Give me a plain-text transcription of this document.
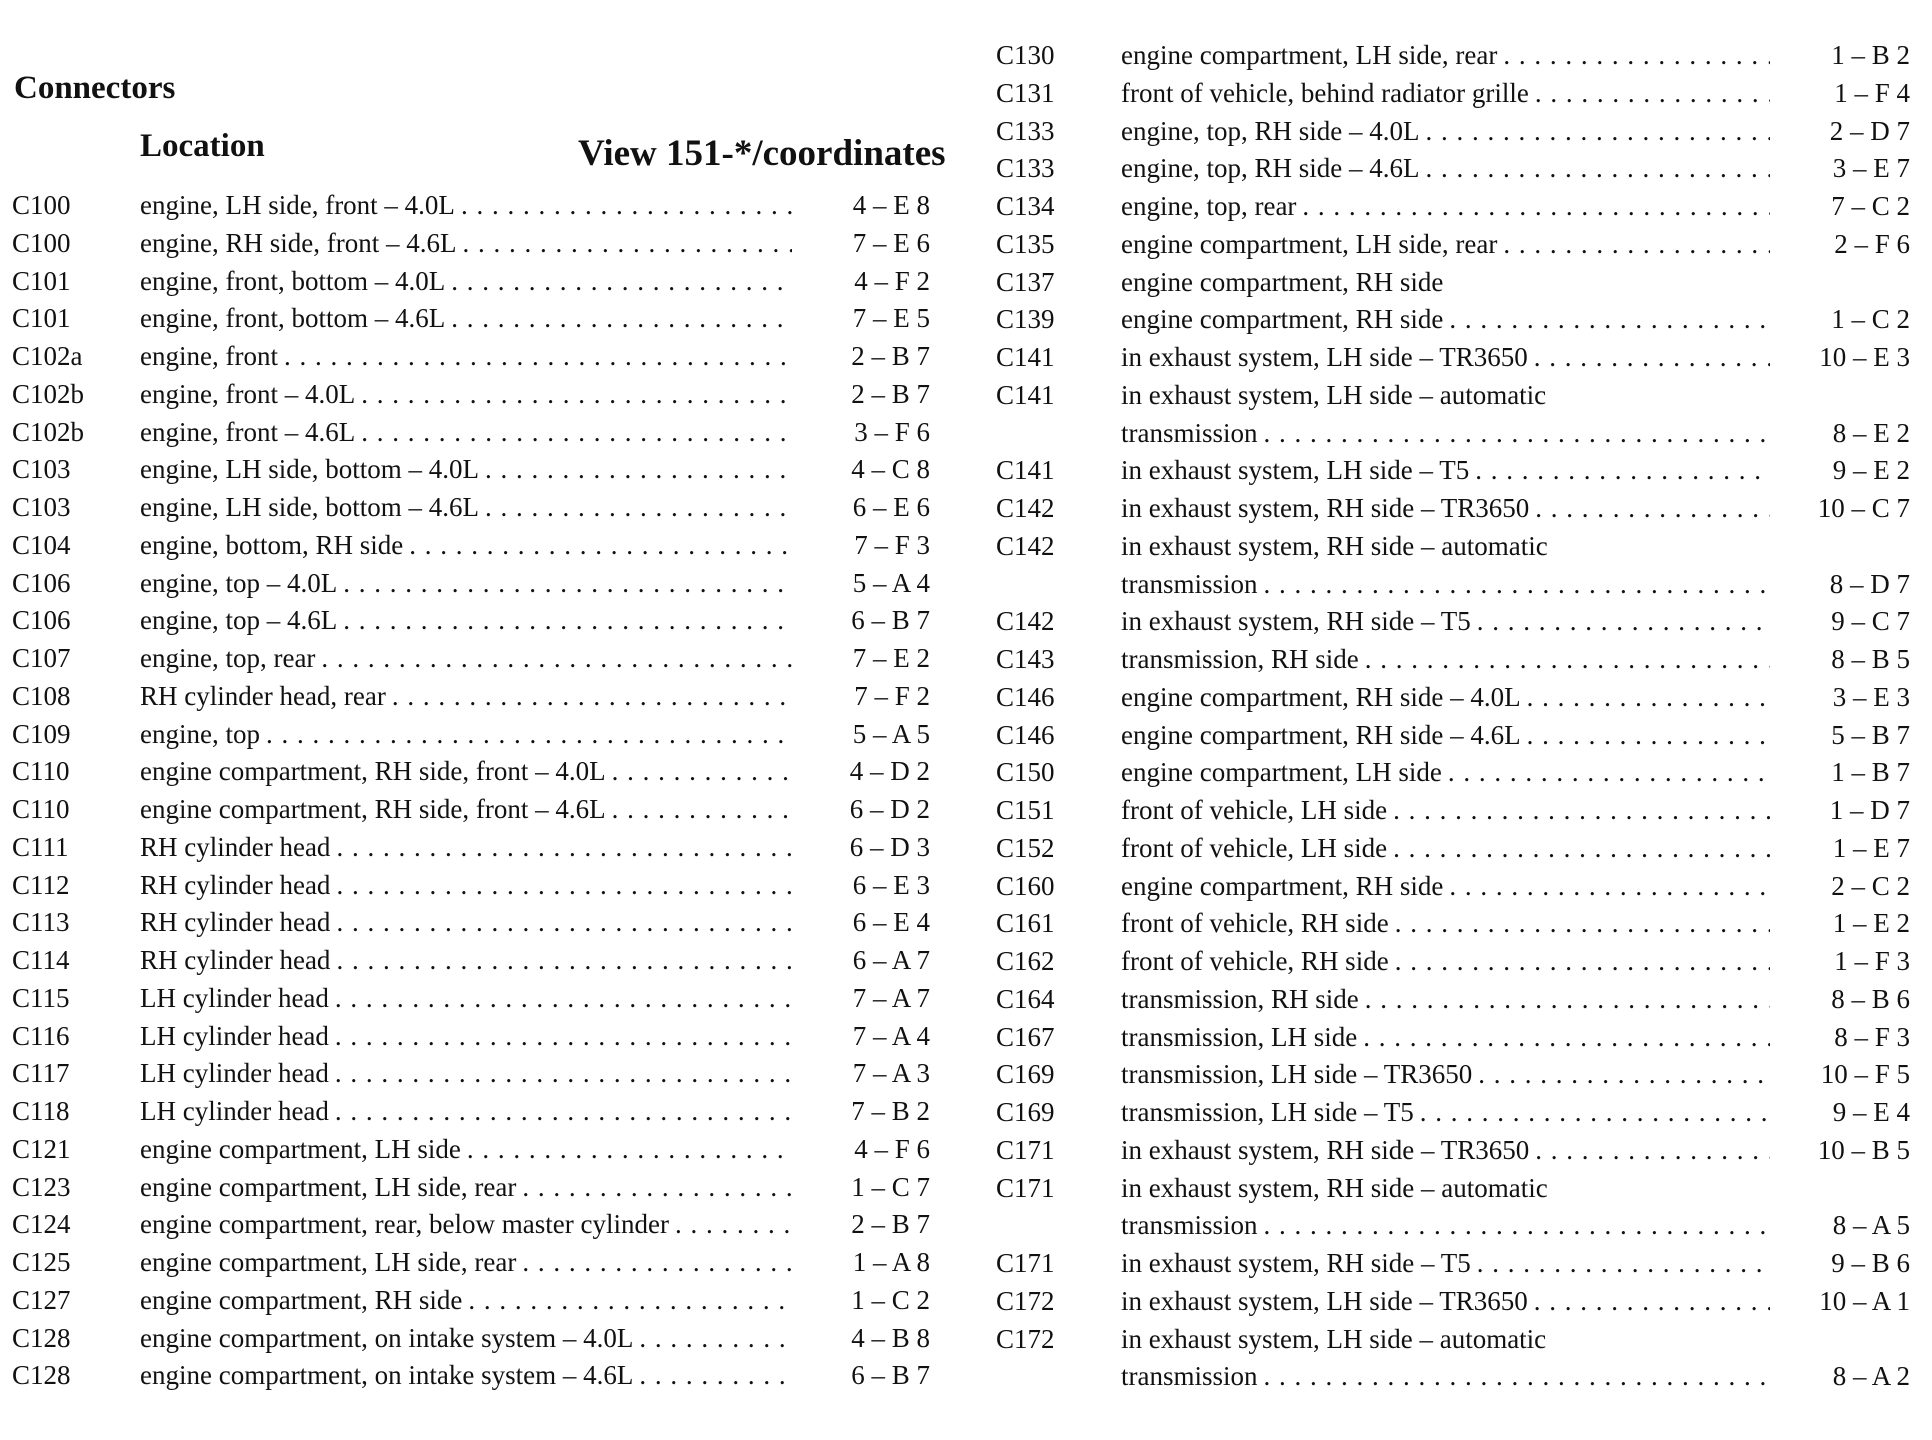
Connectors
Location	View 151-*/coordinates
C100	engine, LH side, front – 4.0L . . .	4 – E 8
C100	engine, RH side, front – 4.6L . . .	7 – E 6
C101	engine, front, bottom – 4.0L . . .	4 – F 2
C101	engine, front, bottom – 4.6L . . .	7 – E 5
C102a	engine, front . . .	2 – B 7
C102b	engine, front – 4.0L . . .	2 – B 7
C102b	engine, front – 4.6L . . .	3 – F 6
C103	engine, LH side, bottom – 4.0L . . .	4 – C 8
C103	engine, LH side, bottom – 4.6L . . .	6 – E 6
C104	engine, bottom, RH side . . .	7 – F 3
C106	engine, top – 4.0L . . .	5 – A 4
C106	engine, top – 4.6L . . .	6 – B 7
C107	engine, top, rear . . .	7 – E 2
C108	RH cylinder head, rear . . .	7 – F 2
C109	engine, top . . .	5 – A 5
C110	engine compartment, RH side, front – 4.0L . . .	4 – D 2
C110	engine compartment, RH side, front – 4.6L . . .	6 – D 2
C111	RH cylinder head . . .	6 – D 3
C112	RH cylinder head . . .	6 – E 3
C113	RH cylinder head . . .	6 – E 4
C114	RH cylinder head . . .	6 – A 7
C115	LH cylinder head . . .	7 – A 7
C116	LH cylinder head . . .	7 – A 4
C117	LH cylinder head . . .	7 – A 3
C118	LH cylinder head . . .	7 – B 2
C121	engine compartment, LH side . . .	4 – F 6
C123	engine compartment, LH side, rear . . .	1 – C 7
C124	engine compartment, rear, below master cylinder . . .	2 – B 7
C125	engine compartment, LH side, rear . . .	1 – A 8
C127	engine compartment, RH side . . .	1 – C 2
C128	engine compartment, on intake system – 4.0L . . .	4 – B 8
C128	engine compartment, on intake system – 4.6L . . .	6 – B 7
C130	engine compartment, LH side, rear . . .	1 – B 2
C131	front of vehicle, behind radiator grille . . .	1 – F 4
C133	engine, top, RH side – 4.0L . . .	2 – D 7
C133	engine, top, RH side – 4.6L . . .	3 – E 7
C134	engine, top, rear . . .	7 – C 2
C135	engine compartment, LH side, rear . . .	2 – F 6
C137	engine compartment, RH side
C139	engine compartment, RH side . . .	1 – C 2
C141	in exhaust system, LH side – TR3650 . . .	10 – E 3
C141	in exhaust system, LH side – automatic
transmission . . .	8 – E 2
C141	in exhaust system, LH side – T5 . . .	9 – E 2
C142	in exhaust system, RH side – TR3650 . . .	10 – C 7
C142	in exhaust system, RH side – automatic
transmission . . .	8 – D 7
C142	in exhaust system, RH side – T5 . . .	9 – C 7
C143	transmission, RH side . . .	8 – B 5
C146	engine compartment, RH side – 4.0L . . .	3 – E 3
C146	engine compartment, RH side – 4.6L . . .	5 – B 7
C150	engine compartment, LH side . . .	1 – B 7
C151	front of vehicle, LH side . . .	1 – D 7
C152	front of vehicle, LH side . . .	1 – E 7
C160	engine compartment, RH side . . .	2 – C 2
C161	front of vehicle, RH side . . .	1 – E 2
C162	front of vehicle, RH side . . .	1 – F 3
C164	transmission, RH side . . .	8 – B 6
C167	transmission, LH side . . .	8 – F 3
C169	transmission, LH side – TR3650 . . .	10 – F 5
C169	transmission, LH side – T5 . . .	9 – E 4
C171	in exhaust system, RH side – TR3650 . . .	10 – B 5
C171	in exhaust system, RH side – automatic
transmission . . .	8 – A 5
C171	in exhaust system, RH side – T5 . . .	9 – B 6
C172	in exhaust system, LH side – TR3650 . . .	10 – A 1
C172	in exhaust system, LH side – automatic
transmission . . .	8 – A 2
